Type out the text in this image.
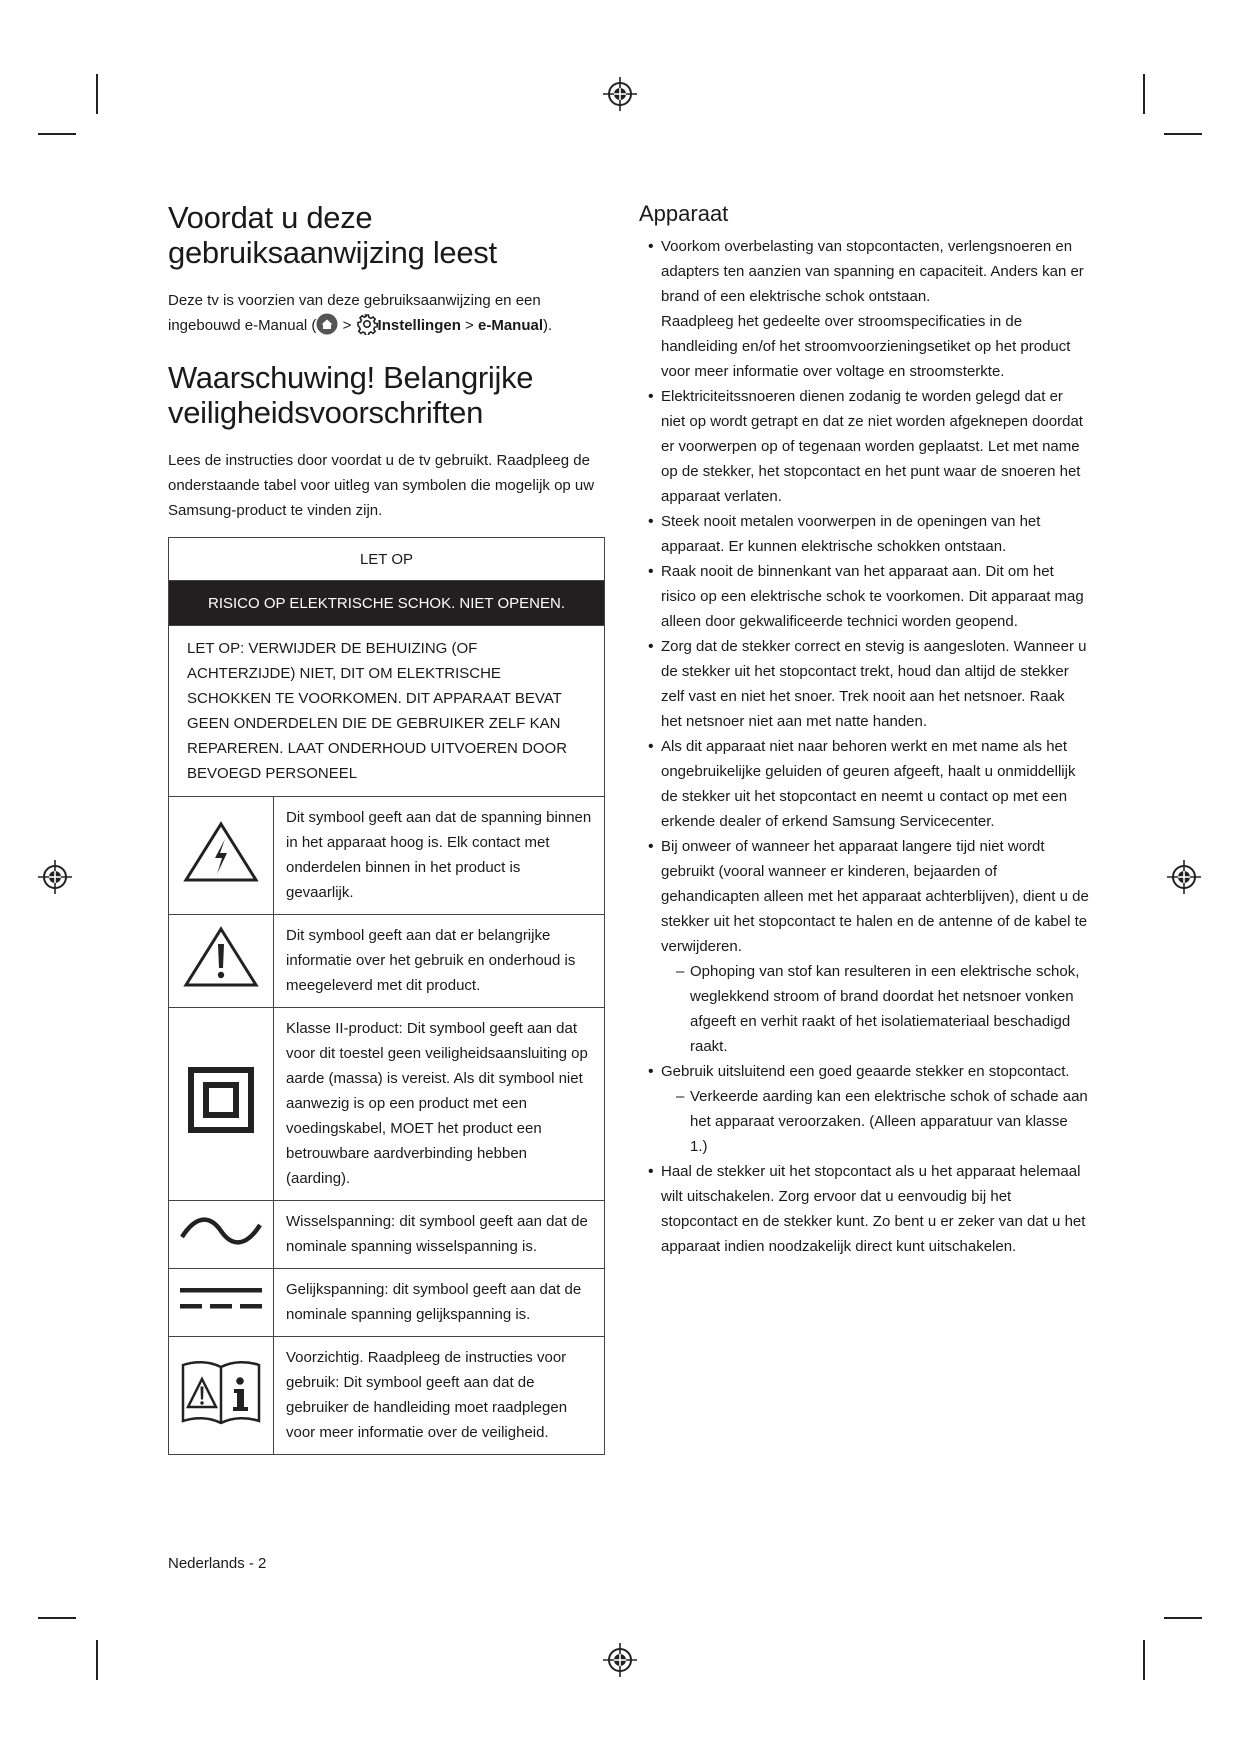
Voordat u deze gebruiksaanwijzing leest

Deze tv is voorzien van deze gebruiksaanwijzing en een ingebouwd e-Manual ( > Instellingen > e-Manual).

Waarschuwing! Belangrijke veiligheidsvoorschriften

Lees de instructies door voordat u de tv gebruikt. Raadpleeg de onderstaande tabel voor uitleg van symbolen die mogelijk op uw Samsung-product te vinden zijn.

LET OP	
RISICO OP ELEKTRISCHE SCHOK. NIET OPENEN.	
LET OP: VERWIJDER DE BEHUIZING (OF ACHTERZIJDE) NIET, DIT OM ELEKTRISCHE SCHOKKEN TE VOORKOMEN. DIT APPARAAT BEVAT GEEN ONDERDELEN DIE DE GEBRUIKER ZELF KAN REPAREREN. LAAT ONDERHOUD UITVOEREN DOOR BEVOEGD PERSONEEL	
	Dit symbool geeft aan dat de spanning binnen in het apparaat hoog is. Elk contact met onderdelen binnen in het product is gevaarlijk.
	Dit symbool geeft aan dat er belangrijke informatie over het gebruik en onderhoud is meegeleverd met dit product.
	Klasse II-product: Dit symbool geeft aan dat voor dit toestel geen veiligheidsaansluiting op aarde (massa) is vereist. Als dit symbool niet aanwezig is op een product met een voedingskabel, MOET het product een betrouwbare aardverbinding hebben (aarding).
	Wisselspanning: dit symbool geeft aan dat de nominale spanning wisselspanning is.
	Gelijkspanning: dit symbool geeft aan dat de nominale spanning gelijkspanning is.
	Voorzichtig. Raadpleeg de instructies voor gebruik: Dit symbool geeft aan dat de gebruiker de handleiding moet raadplegen voor meer informatie over de veiligheid.
Apparaat
• Voorkom overbelasting van stopcontacten, verlengsnoeren en adapters ten aanzien van spanning en capaciteit. Anders kan er brand of een elektrische schok ontstaan.
Raadpleeg het gedeelte over stroomspecificaties in de handleiding en/of het stroomvoorzieningsetiket op het product voor meer informatie over voltage en stroomsterkte.
• Elektriciteitssnoeren dienen zodanig te worden gelegd dat er niet op wordt getrapt en dat ze niet worden afgeknepen doordat er voorwerpen op of tegenaan worden geplaatst. Let met name op de stekker, het stopcontact en het punt waar de snoeren het apparaat verlaten.
• Steek nooit metalen voorwerpen in de openingen van het apparaat. Er kunnen elektrische schokken ontstaan.
• Raak nooit de binnenkant van het apparaat aan. Dit om het risico op een elektrische schok te voorkomen. Dit apparaat mag alleen door gekwalificeerde technici worden geopend.
• Zorg dat de stekker correct en stevig is aangesloten. Wanneer u de stekker uit het stopcontact trekt, houd dan altijd de stekker zelf vast en niet het snoer. Trek nooit aan het netsnoer. Raak het netsnoer niet aan met natte handen.
• Als dit apparaat niet naar behoren werkt en met name als het ongebruikelijke geluiden of geuren afgeeft, haalt u onmiddellijk de stekker uit het stopcontact en neemt u contact op met een erkende dealer of erkend Samsung Servicecenter.
• Bij onweer of wanneer het apparaat langere tijd niet wordt gebruikt (vooral wanneer er kinderen, bejaarden of gehandicapten alleen met het apparaat achterblijven), dient u de stekker uit het stopcontact te halen en de antenne of de kabel te verwijderen.
– Ophoping van stof kan resulteren in een elektrische schok, weglekkend stroom of brand doordat het netsnoer vonken afgeeft en verhit raakt of het isolatiemateriaal beschadigd raakt.
• Gebruik uitsluitend een goed geaarde stekker en stopcontact.
– Verkeerde aarding kan een elektrische schok of schade aan het apparaat veroorzaken. (Alleen apparatuur van klasse 1.)
• Haal de stekker uit het stopcontact als u het apparaat helemaal wilt uitschakelen. Zorg ervoor dat u eenvoudig bij het stopcontact en de stekker kunt. Zo bent u er zeker van dat u het apparaat indien noodzakelijk direct kunt uitschakelen.
Nederlands - 2
